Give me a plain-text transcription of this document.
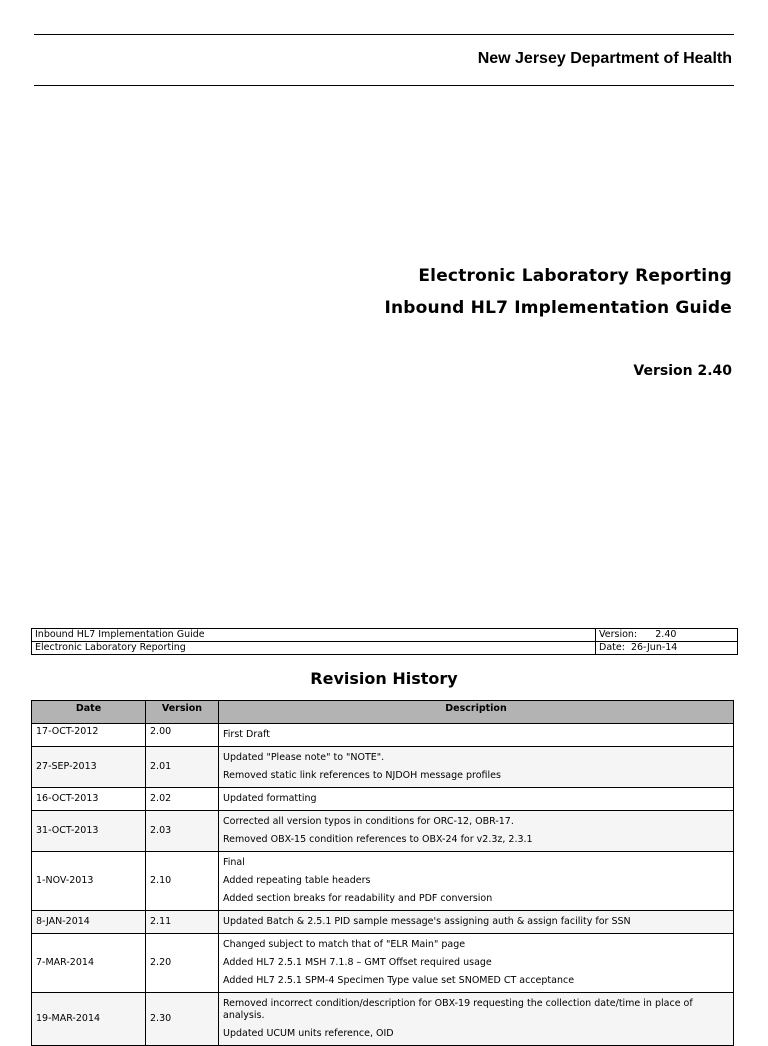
New Jersey Department of Health
Electronic Laboratory Reporting
Inbound HL7 Implementation Guide
Version 2.40
Inbound HL7 Implementation Guide	Version:      2.40
Electronic Laboratory Reporting	Date:  26-Jun-14
Revision History
Date	Version	Description
17-OCT-2012	2.00	First Draft

27-SEP-2013	2.01	Updated "Please note" to "NOTE".
Removed static link references to NJDOH message profiles

16-OCT-2013	2.02	Updated formatting

31-OCT-2013	2.03	Corrected all version typos in conditions for ORC-12, OBR-17.
Removed OBX-15 condition references to OBX-24 for v2.3z, 2.3.1

1-NOV-2013	2.10	Final
Added repeating table headers
Added section breaks for readability and PDF conversion

8-JAN-2014	2.11	Updated Batch & 2.5.1 PID sample message's assigning auth & assign facility for SSN

7-MAR-2014	2.20	Changed subject to match that of "ELR Main" page
Added HL7 2.5.1 MSH 7.1.8 – GMT Offset required usage
Added HL7 2.5.1 SPM-4 Specimen Type value set SNOMED CT acceptance

19-MAR-2014	2.30	Removed incorrect condition/description for OBX-19 requesting the collection date/time in place of analysis.
Updated UCUM units reference, OID
